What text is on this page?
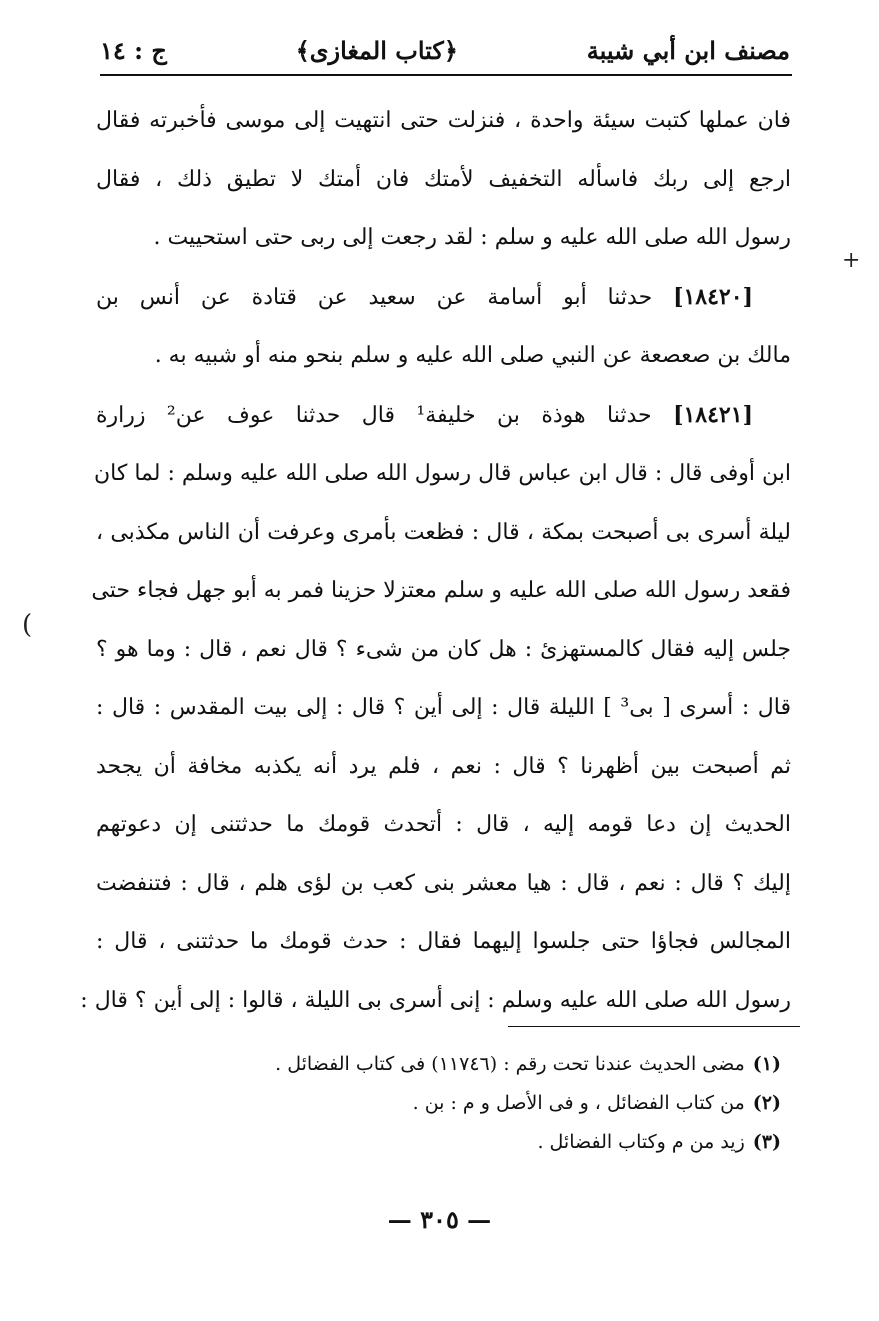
مصنف ابن أبي شيبة
﴿كتاب المغازى﴾
ج : ١٤
+
)

فان عملها كتبت سيئة واحدة ، فنزلت حتى انتهيت إلى موسى فأخبرته فقال
ارجع إلى ربك فاسأله التخفيف لأمتك فان أمتك لا تطيق ذلك ، فقال
رسول الله صلى الله عليه و سلم : لقد رجعت إلى ربى حتى استحييت .

[١٨٤٢٠] حدثنا أبو أسامة عن سعيد عن قتادة عن أنس بن
مالك بن صعصعة عن النبي صلى الله عليه و سلم بنحو منه أو شبيه به .

[١٨٤٢١] حدثنا هوذة بن خليفة¹ قال حدثنا عوف عن² زرارة
ابن أوفى قال : قال ابن عباس قال رسول الله صلى الله عليه وسلم : لما كان
ليلة أسرى بى أصبحت بمكة ، قال : فظعت بأمرى وعرفت أن الناس مكذبى ،
فقعد رسول الله صلى الله عليه و سلم معتزلا حزينا فمر به أبو جهل فجاء حتى
جلس إليه فقال كالمستهزئ : هل كان من شىء ؟ قال نعم ، قال : وما هو ؟
قال : أسرى [ بى³ ] الليلة قال : إلى أين ؟ قال : إلى بيت المقدس : قال :
ثم أصبحت بين أظهرنا ؟ قال : نعم ، فلم يرد أنه يكذبه مخافة أن يجحد
الحديث إن دعا قومه إليه ، قال : أتحدث قومك ما حدثتنى إن دعوتهم
إليك ؟ قال : نعم ، قال : هيا معشر بنى كعب بن لؤى هلم ، قال : فتنفضت
المجالس فجاؤا حتى جلسوا إليهما فقال : حدث قومك ما حدثتنى ، قال :
رسول الله صلى الله عليه وسلم : إنى أسرى بى الليلة ، قالوا : إلى أين ؟ قال :

(١)مضى الحديث عندنا تحت رقم : (١١٧٤٦) فى كتاب الفضائل .
(٢)من كتاب الفضائل ، و فى الأصل و م : بن .
(٣)زيد من م وكتاب الفضائل .
— ٣٠٥ —
